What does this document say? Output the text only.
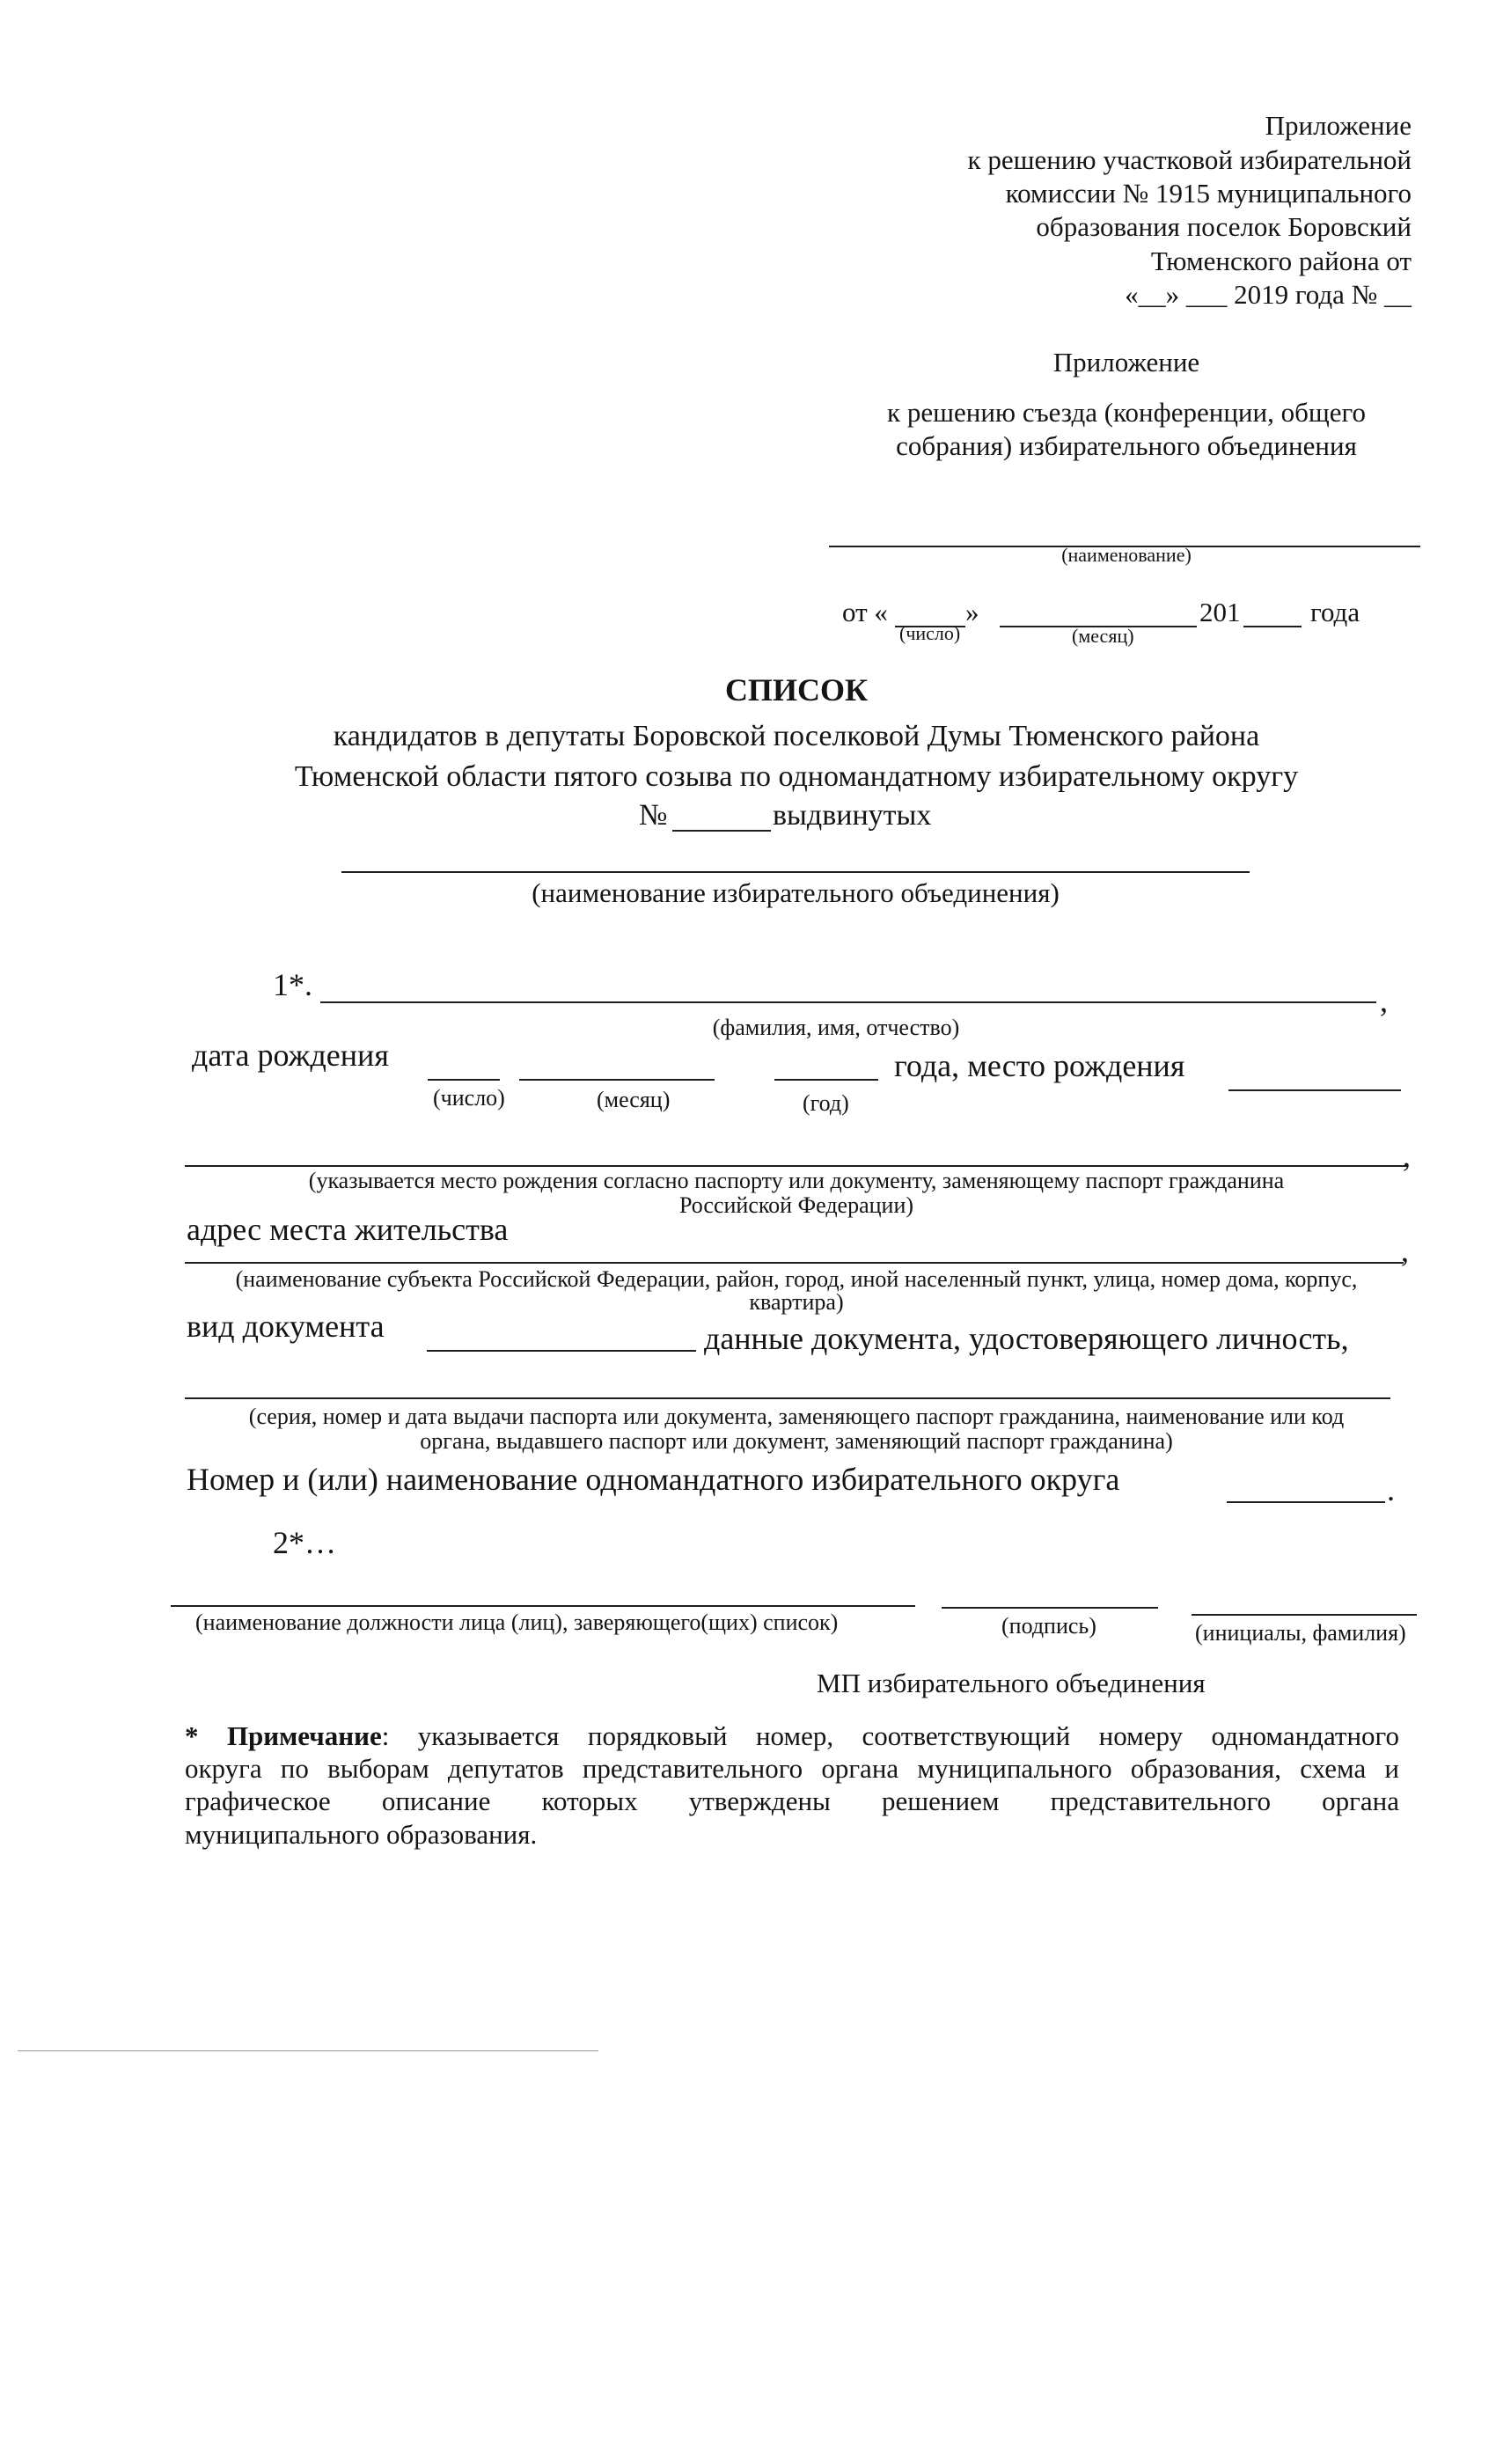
Приложение
к решению участковой избирательной
комиссии № 1915 муниципального
образования поселок Боровский
Тюменского района от
«__» ___ 2019 года № __
Приложение
к решению съезда (конференции, общего
собрания) избирательного объединения
(наименование)
от «	»	201	года
(число)	(месяц)
СПИСОК
кандидатов в депутаты Боровской поселковой Думы Тюменского района
Тюменской области пятого созыва по одномандатному избирательному округу
№	выдвинутых
(наименование избирательного объединения)
1*.	,
(фамилия, имя, отчество)
дата рождения	года, место рождения
(число)	(месяц)	(год)
,
(указывается место рождения согласно паспорту или документу, заменяющему паспорт гражданина
Российской Федерации)
адрес места жительства
,
(наименование субъекта Российской Федерации, район, город, иной населенный пункт, улица, номер дома, корпус,
квартира)
вид документа	данные документа, удостоверяющего личность,
(серия, номер и дата выдачи паспорта или документа, заменяющего паспорт гражданина, наименование или код
органа, выдавшего паспорт или документ, заменяющий паспорт гражданина)
Номер и (или) наименование одномандатного избирательного округа	.
2*…
(наименование должности лица (лиц), заверяющего(щих) список)	(подпись)	(инициалы, фамилия)
МП избирательного объединения
* Примечание: указывается порядковый номер, соответствующий номеру одномандатного
округа по выборам депутатов представительного органа муниципального образования, схема и
графическое описание которых утверждены решением представительного органа
муниципального образования.
